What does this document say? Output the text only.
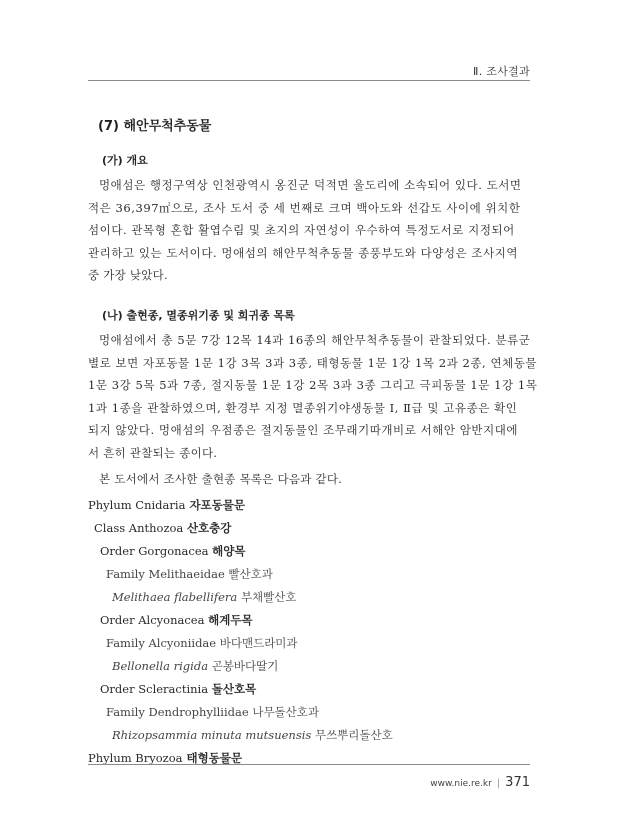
Ⅱ. 조사결과
(7) 해안무척추동물
(가) 개요

멍애섬은 행정구역상 인천광역시 옹진군 덕적면 울도리에 소속되어 있다. 도서면
적은 36,397㎡으로, 조사 도서 중 세 번째로 크며 백아도와 선갑도 사이에 위치한
섬이다. 관목형 혼합 활엽수림 및 초지의 자연성이 우수하여 특정도서로 지정되어
관리하고 있는 도서이다. 멍애섬의 해안무척추동물 종풍부도와 다양성은 조사지역
중 가장 낮았다.

(나) 출현종, 멸종위기종 및 희귀종 목록

멍애섬에서 총 5문 7강 12목 14과 16종의 해안무척추동물이 관찰되었다. 분류군
별로 보면 자포동물 1문 1강 3목 3과 3종, 태형동물 1문 1강 1목 2과 2종, 연체동물
1문 3강 5목 5과 7종, 절지동물 1문 1강 2목 3과 3종 그리고 극피동물 1문 1강 1목
1과 1종을 관찰하였으며, 환경부 지정 멸종위기야생동물 Ⅰ, Ⅱ급 및 고유종은 확인
되지 않았다. 멍애섬의 우점종은 절지동물인 조무래기따개비로 서해안 암반지대에
서 흔히 관찰되는 종이다.

본 도서에서 조사한 출현종 목록은 다음과 같다.

Phylum Cnidaria 자포동물문
Class Anthozoa 산호충강
Order Gorgonacea 해양목
Family Melithaeidae 빨산호과
Melithaea flabellifera 부채빨산호
Order Alcyonacea 해계두목
Family Alcyoniidae 바다맨드라미과
Bellonella rigida 곤봉바다딸기
Order Scleractinia 돌산호목
Family Dendrophylliidae 나무돌산호과
Rhizopsammia minuta mutsuensis 무쓰뿌리돌산호
Phylum Bryozoa 태형동물문
www.nie.re.kr | 371
